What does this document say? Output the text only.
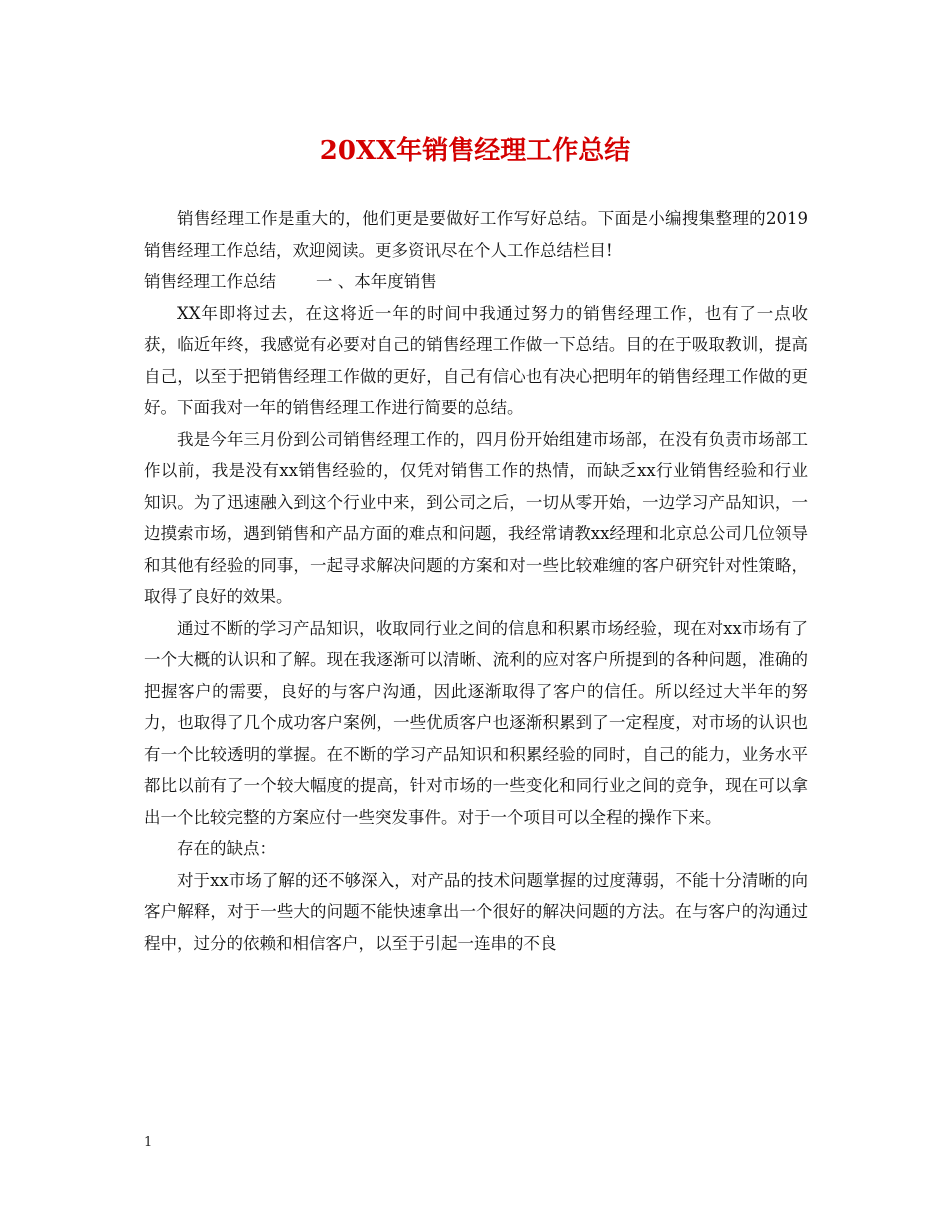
20XX年销售经理工作总结

销售经理工作是重大的，他们更是要做好工作写好总结。下面是小编搜集整理的2019销售经理工作总结，欢迎阅读。更多资讯尽在个人工作总结栏目!

销售经理工作总结 一 、本年度销售

XX年即将过去，在这将近一年的时间中我通过努力的销售经理工作，也有了一点收获，临近年终，我感觉有必要对自己的销售经理工作做一下总结。目的在于吸取教训，提高自己，以至于把销售经理工作做的更好，自己有信心也有决心把明年的销售经理工作做的更好。下面我对一年的销售经理工作进行简要的总结。

我是今年三月份到公司销售经理工作的，四月份开始组建市场部，在没有负责市场部工作以前，我是没有xx销售经验的，仅凭对销售工作的热情，而缺乏xx行业销售经验和行业知识。为了迅速融入到这个行业中来，到公司之后，一切从零开始，一边学习产品知识，一边摸索市场，遇到销售和产品方面的难点和问题，我经常请教xx经理和北京总公司几位领导和其他有经验的同事，一起寻求解决问题的方案和对一些比较难缠的客户研究针对性策略，取得了良好的效果。

通过不断的学习产品知识，收取同行业之间的信息和积累市场经验，现在对xx市场有了一个大概的认识和了解。现在我逐渐可以清晰、流利的应对客户所提到的各种问题，准确的把握客户的需要，良好的与客户沟通，因此逐渐取得了客户的信任。所以经过大半年的努力，也取得了几个成功客户案例，一些优质客户也逐渐积累到了一定程度，对市场的认识也有一个比较透明的掌握。在不断的学习产品知识和积累经验的同时，自己的能力，业务水平都比以前有了一个较大幅度的提高，针对市场的一些变化和同行业之间的竞争，现在可以拿出一个比较完整的方案应付一些突发事件。对于一个项目可以全程的操作下来。

存在的缺点：

对于xx市场了解的还不够深入，对产品的技术问题掌握的过度薄弱，不能十分清晰的向客户解释，对于一些大的问题不能快速拿出一个很好的解决问题的方法。在与客户的沟通过程中，过分的依赖和相信客户，以至于引起一连串的不良

1
